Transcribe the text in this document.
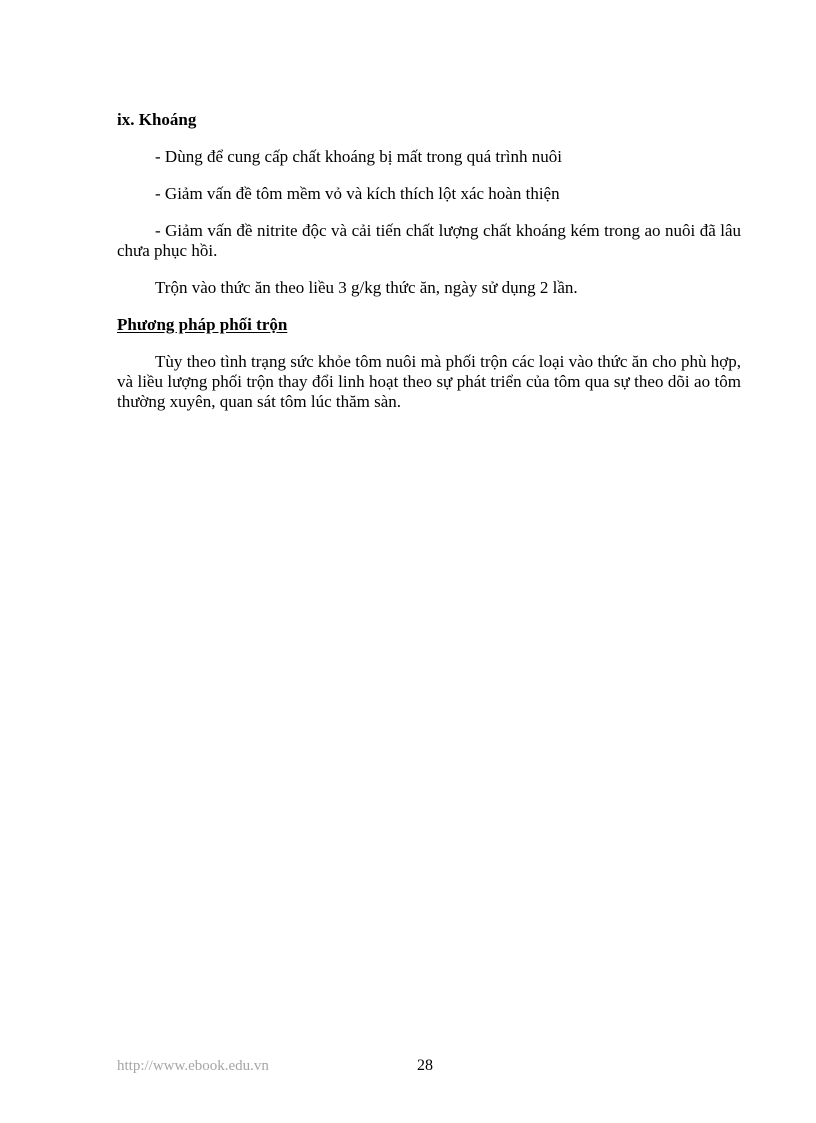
ix. Khoáng

- Dùng để cung cấp chất khoáng bị mất trong quá trình nuôi

- Giảm vấn đề tôm mềm vỏ và kích thích lột xác hoàn thiện

- Giảm vấn đề nitrite độc và cải tiến chất lượng chất khoáng kém trong ao nuôi đã lâu chưa phục hồi.

Trộn vào thức ăn theo liều 3 g/kg thức ăn, ngày sử dụng 2 lần.

Phương pháp phối trộn

Tùy theo tình trạng sức khỏe tôm nuôi mà phối trộn các loại vào thức ăn cho phù hợp, và liều lượng phối trộn thay đổi linh hoạt theo sự phát triển của tôm qua sự theo dõi ao tôm thường xuyên, quan sát tôm lúc thăm sàn.

http://www.ebook.edu.vn	28
